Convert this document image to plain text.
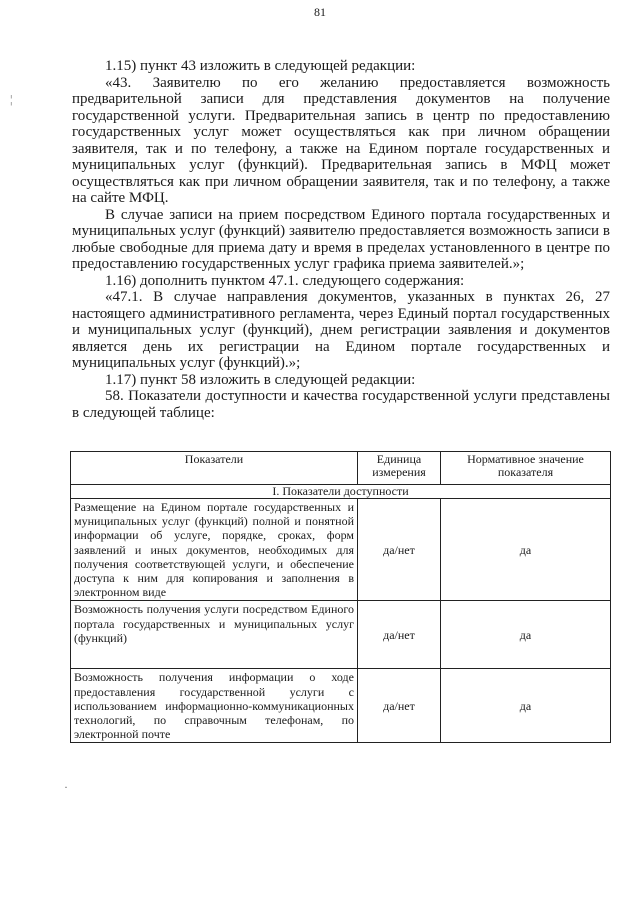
81

1.15) пункт 43 изложить в следующей редакции:

«43. Заявителю по его желанию предоставляется возможность предварительной записи для представления документов на получение государственной услуги. Предварительная запись в центр по предоставлению государственных услуг может осуществляться как при личном обращении заявителя, так и по телефону, а также на Едином портале государственных и муниципальных услуг (функций). Предварительная запись в МФЦ может осуществляться как при личном обращении заявителя, так и по телефону, а также на сайте МФЦ.

В случае записи на прием посредством Единого портала государственных и муниципальных услуг (функций) заявителю предоставляется возможность записи в любые свободные для приема дату и время в пределах установленного в центре по предоставлению государственных услуг графика приема заявителей.»;

1.16) дополнить пунктом 47.1. следующего содержания:

«47.1. В случае направления документов, указанных в пунктах 26, 27 настоящего административного регламента, через Единый портал государственных и муниципальных услуг (функций), днем регистрации заявления и документов является день их регистрации на Едином портале государственных и муниципальных услуг (функций).»;

1.17) пункт 58 изложить в следующей редакции:

58. Показатели доступности и качества государственной услуги представлены в следующей таблице:

Показатели	Единица измерения	Нормативное значение показателя
I. Показатели доступности		
Размещение на Едином портале государственных и муниципальных услуг (функций) полной и понятной информации об услуге, порядке, сроках, форм заявлений и иных документов, необходимых для получения соответствующей услуги, и обеспечение доступа к ним для копирования и заполнения в электронном виде	да/нет	да
Возможность получения услуги посредством Единого портала государственных и муниципальных услуг (функций)	да/нет	да
Возможность получения информации о ходе предоставления государственной услуги с использованием информационно-коммуникационных технологий, по справочным телефонам, по электронной почте	да/нет	да
¦
·
